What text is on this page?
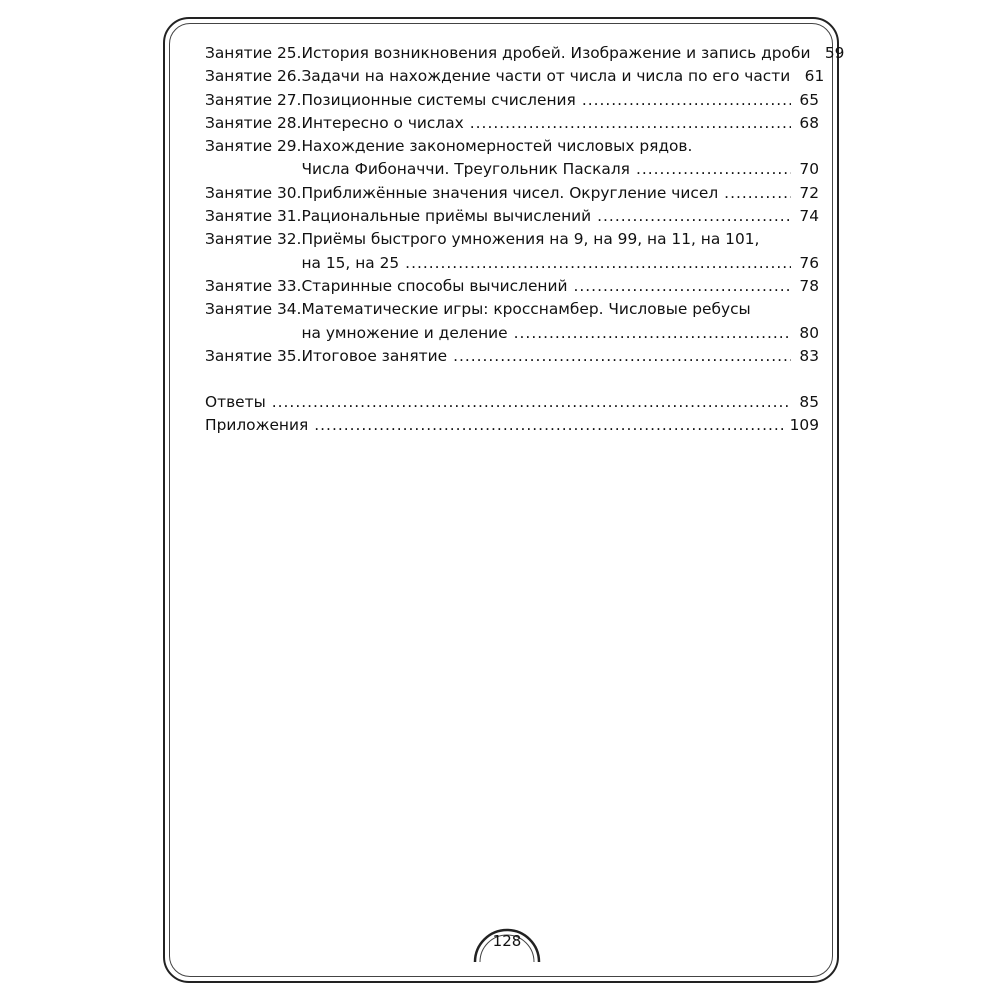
Занятие 25. История возникновения дробей. Изображение и запись дроби 59
Занятие 26. Задачи на нахождение части от числа и числа по его части 61
Занятие 27. Позиционные системы счисления .....	65
Занятие 28. Интересно о числах .....	68
Занятие 29. Нахождение закономерностей числовых рядов.
Числа Фибоначчи. Треугольник Паскаля .....	70
Занятие 30. Приближённые значения чисел. Округление чисел .....	72
Занятие 31. Рациональные приёмы вычислений .....	74
Занятие 32. Приёмы быстрого умножения на 9, на 99, на 11, на 101,
на 15, на 25 .....	76
Занятие 33. Старинные способы вычислений .....	78
Занятие 34. Математические игры: кросснамбер. Числовые ребусы
на умножение и деление .....	80
Занятие 35. Итоговое занятие .....	83
Ответы .....	85
Приложения .....	109
128
